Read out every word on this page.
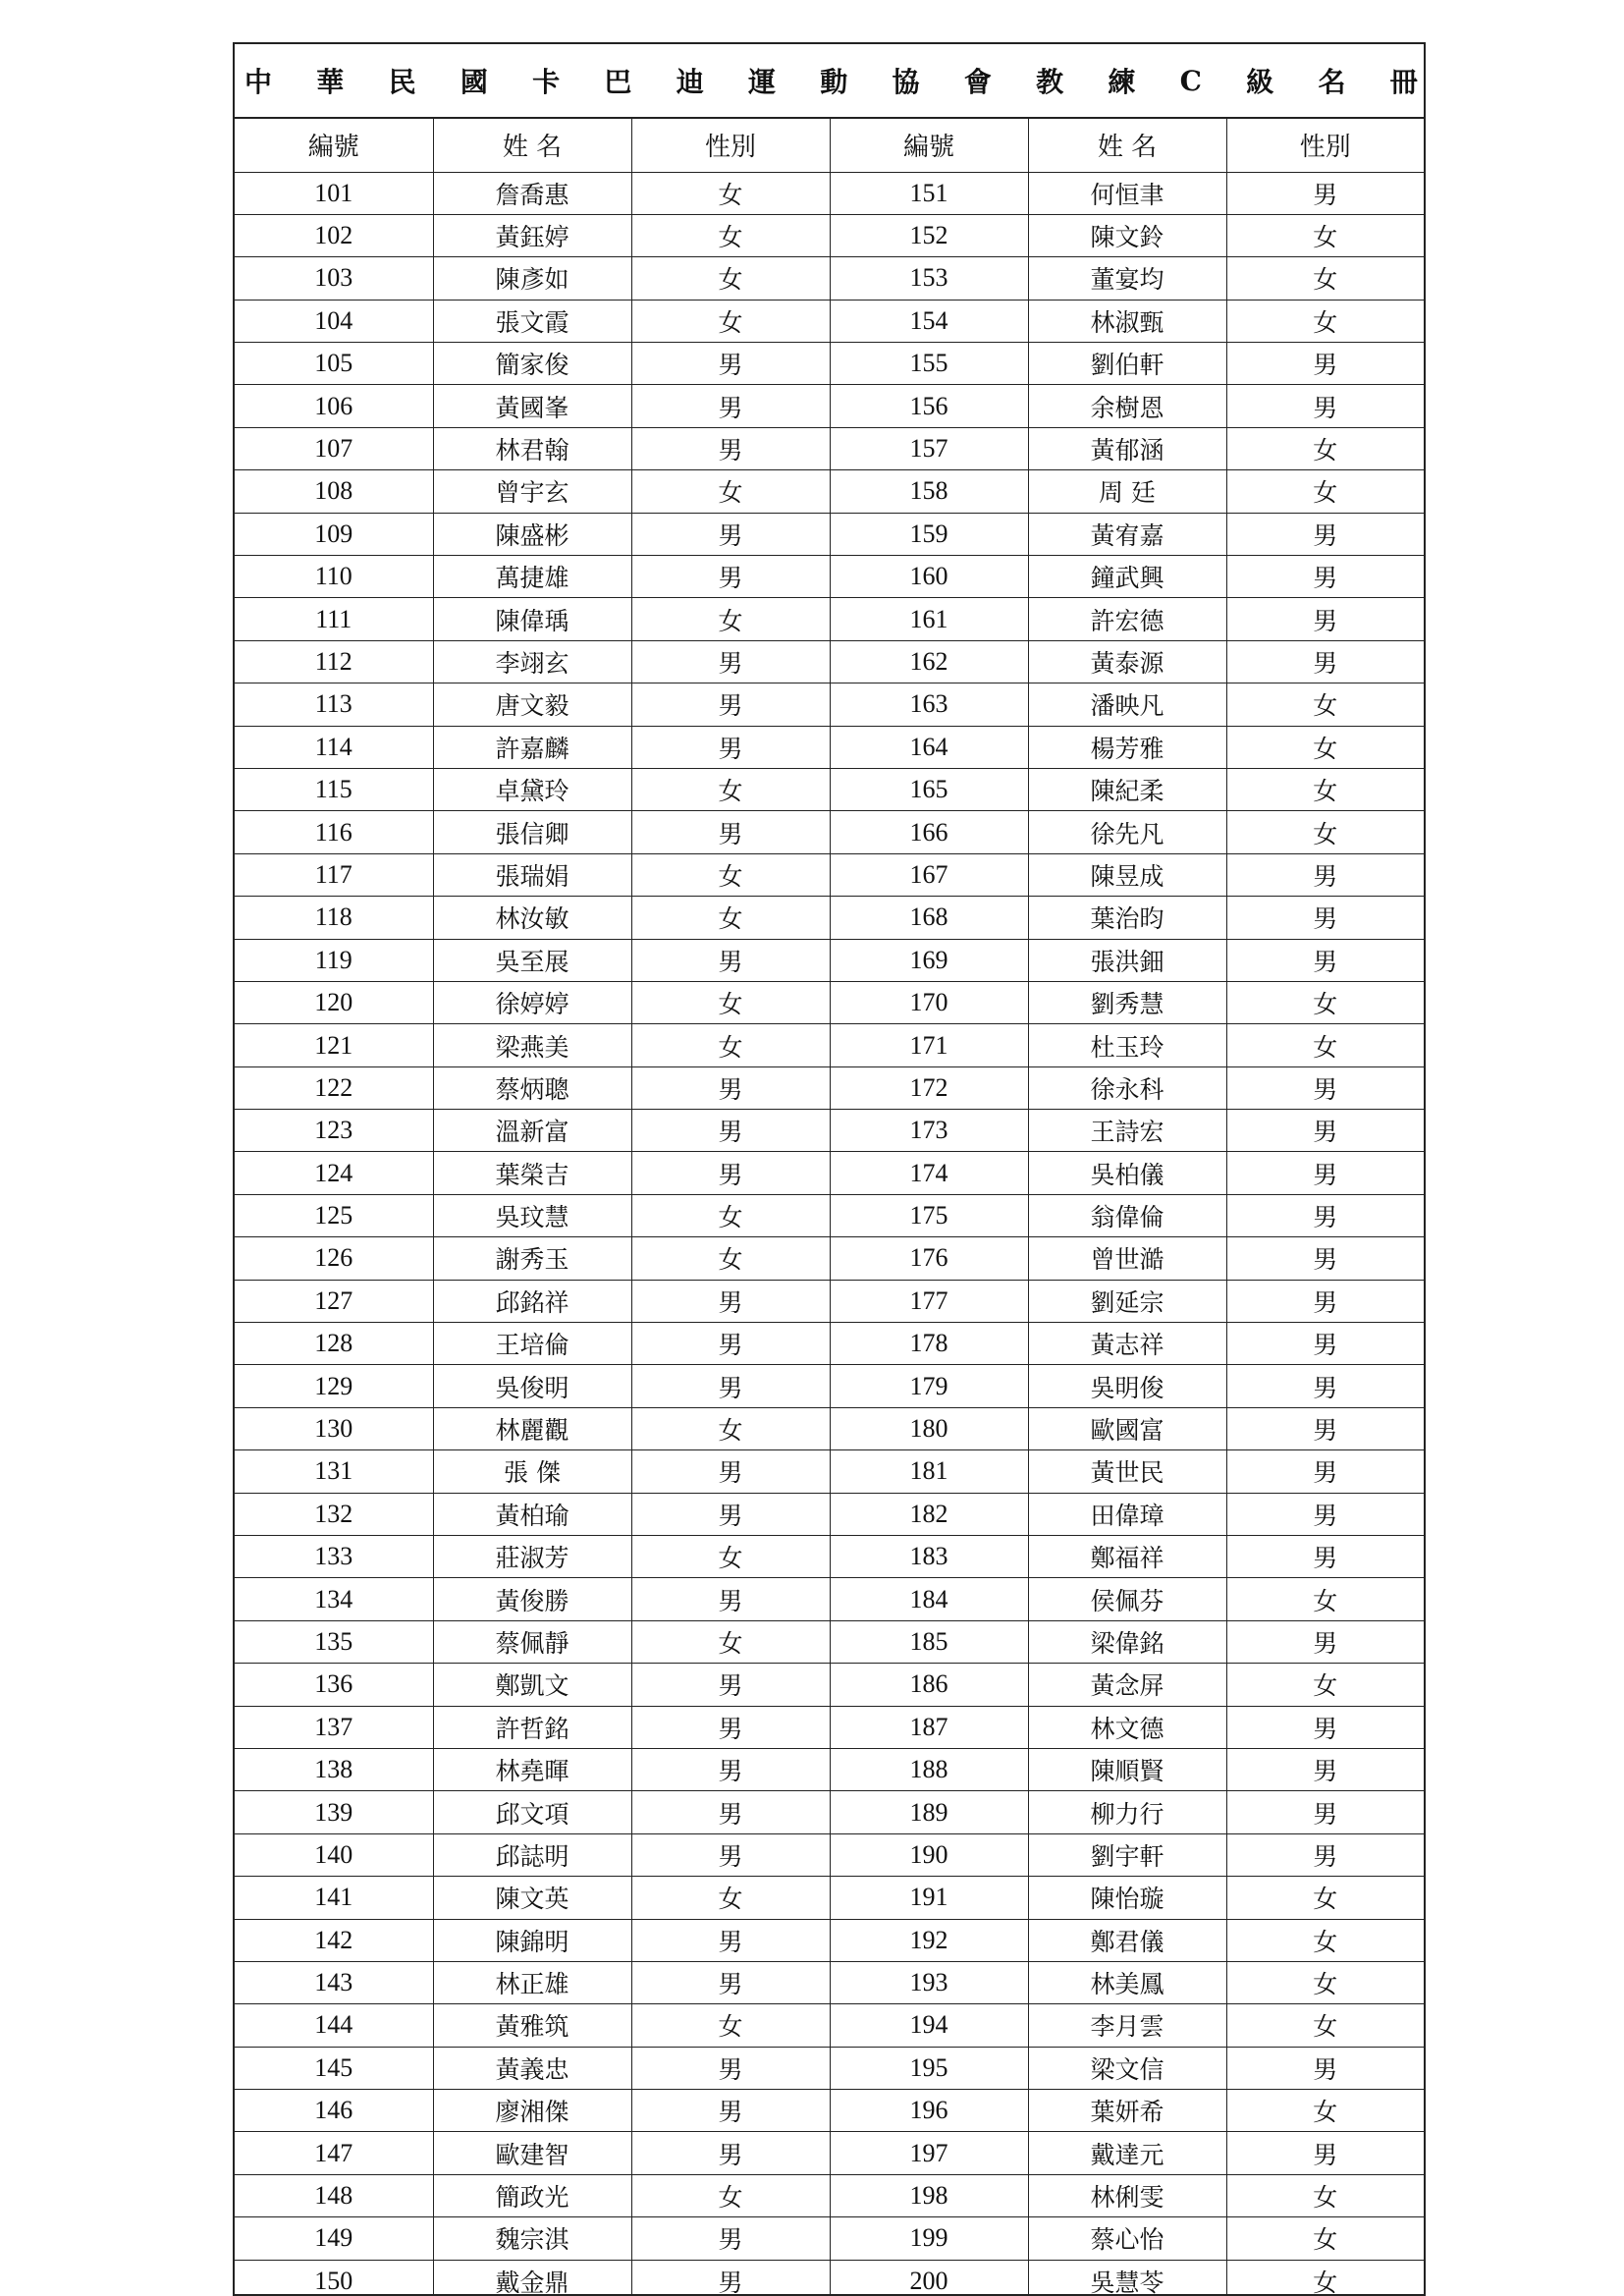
中 華 民 國 卡 巴 迪 運 動 協 會 教 練 C 級 名 冊
編號	姓 名	性別	編號	姓 名	性別
101	詹喬惠	女	151	何恒聿	男
102	黃鈺婷	女	152	陳文鈴	女
103	陳彥如	女	153	董宴均	女
104	張文霞	女	154	林淑甄	女
105	簡家俊	男	155	劉伯軒	男
106	黃國峯	男	156	余樹恩	男
107	林君翰	男	157	黃郁涵	女
108	曾宇玄	女	158	周 廷	女
109	陳盛彬	男	159	黃宥嘉	男
110	萬捷雄	男	160	鐘武興	男
111	陳偉瑀	女	161	許宏德	男
112	李翊玄	男	162	黃泰源	男
113	唐文毅	男	163	潘映凡	女
114	許嘉麟	男	164	楊芳雅	女
115	卓黛玲	女	165	陳紀柔	女
116	張信卿	男	166	徐先凡	女
117	張瑞娟	女	167	陳昱成	男
118	林汝敏	女	168	葉治昀	男
119	吳至展	男	169	張洪鈿	男
120	徐婷婷	女	170	劉秀慧	女
121	梁燕美	女	171	杜玉玲	女
122	蔡炳聰	男	172	徐永科	男
123	溫新富	男	173	王詩宏	男
124	葉榮吉	男	174	吳柏儀	男
125	吳玟慧	女	175	翁偉倫	男
126	謝秀玉	女	176	曾世澔	男
127	邱銘祥	男	177	劉延宗	男
128	王培倫	男	178	黃志祥	男
129	吳俊明	男	179	吳明俊	男
130	林麗觀	女	180	歐國富	男
131	張 傑	男	181	黃世民	男
132	黃柏瑜	男	182	田偉璋	男
133	莊淑芳	女	183	鄭福祥	男
134	黃俊勝	男	184	侯佩芬	女
135	蔡佩靜	女	185	梁偉銘	男
136	鄭凱文	男	186	黃念屏	女
137	許哲銘	男	187	林文德	男
138	林堯暉	男	188	陳順賢	男
139	邱文項	男	189	柳力行	男
140	邱誌明	男	190	劉宇軒	男
141	陳文英	女	191	陳怡璇	女
142	陳錦明	男	192	鄭君儀	女
143	林正雄	男	193	林美鳳	女
144	黃雅筑	女	194	李月雲	女
145	黃義忠	男	195	梁文信	男
146	廖湘傑	男	196	葉妍希	女
147	歐建智	男	197	戴達元	男
148	簡政光	女	198	林俐雯	女
149	魏宗淇	男	199	蔡心怡	女
150	戴金鼎	男	200	吳慧苓	女
